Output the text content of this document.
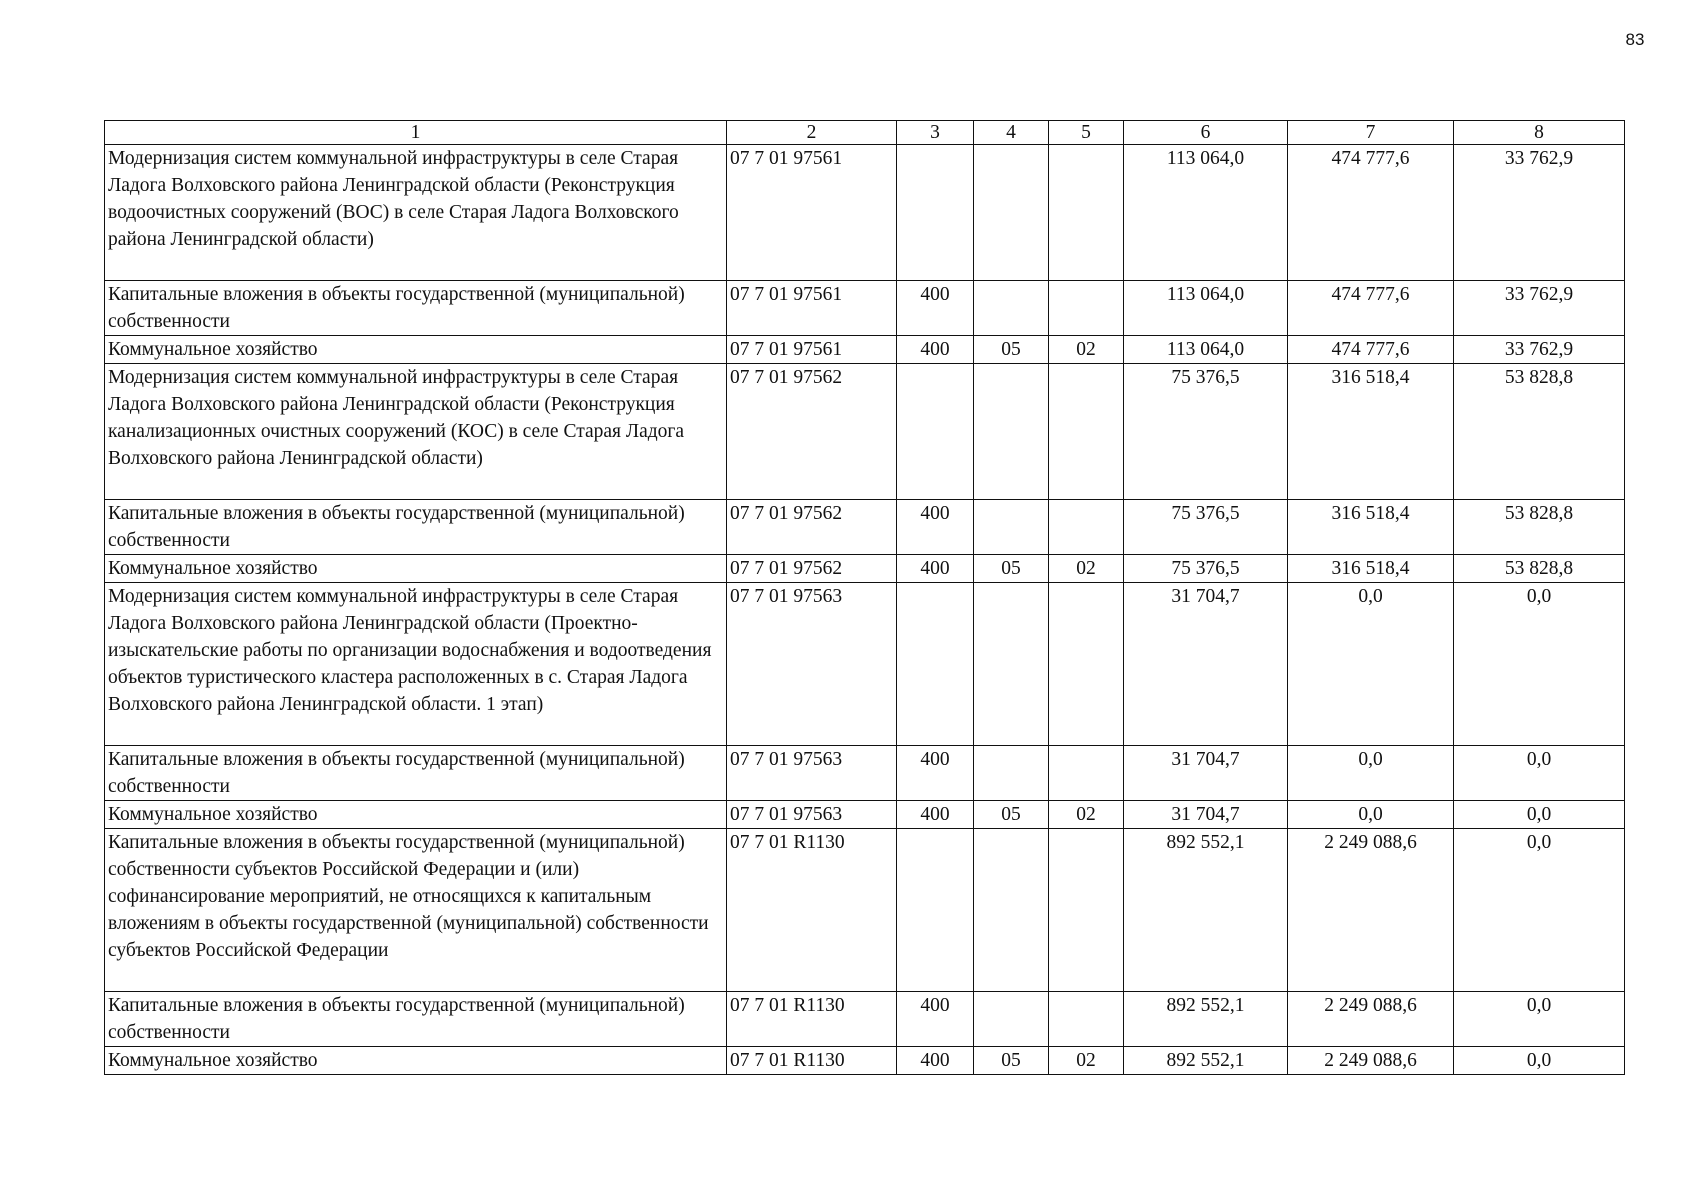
83
1	2	3	4	5	6	7	8
Модернизация систем коммунальной инфраструктуры в селе Старая Ладога Волховского района Ленинградской области (Реконструкция водоочистных сооружений (ВОС) в селе Старая Ладога Волховского района Ленинградской области)	07 7 01 97561				113 064,0	474 777,6	33 762,9
Капитальные вложения в объекты государственной (муниципальной) собственности	07 7 01 97561	400			113 064,0	474 777,6	33 762,9
Коммунальное хозяйство	07 7 01 97561	400	05	02	113 064,0	474 777,6	33 762,9
Модернизация систем коммунальной инфраструктуры в селе Старая Ладога Волховского района Ленинградской области (Реконструкция канализационных очистных сооружений (КОС) в селе Старая Ладога Волховского района Ленинградской области)	07 7 01 97562				75 376,5	316 518,4	53 828,8
Капитальные вложения в объекты государственной (муниципальной) собственности	07 7 01 97562	400			75 376,5	316 518,4	53 828,8
Коммунальное хозяйство	07 7 01 97562	400	05	02	75 376,5	316 518,4	53 828,8
Модернизация систем коммунальной инфраструктуры в селе Старая Ладога Волховского района Ленинградской области (Проектно-изыскательские работы по организации водоснабжения и водоотведения объектов туристического кластера расположенных в с. Старая Ладога Волховского района Ленинградской области. 1 этап)	07 7 01 97563				31 704,7	0,0	0,0
Капитальные вложения в объекты государственной (муниципальной) собственности	07 7 01 97563	400			31 704,7	0,0	0,0
Коммунальное хозяйство	07 7 01 97563	400	05	02	31 704,7	0,0	0,0
Капитальные вложения в объекты государственной (муниципальной) собственности субъектов Российской Федерации и (или) софинансирование мероприятий, не относящихся к капитальным вложениям в объекты государственной (муниципальной) собственности субъектов Российской Федерации	07 7 01 R1130				892 552,1	2 249 088,6	0,0
Капитальные вложения в объекты государственной (муниципальной) собственности	07 7 01 R1130	400			892 552,1	2 249 088,6	0,0
Коммунальное хозяйство	07 7 01 R1130	400	05	02	892 552,1	2 249 088,6	0,0
